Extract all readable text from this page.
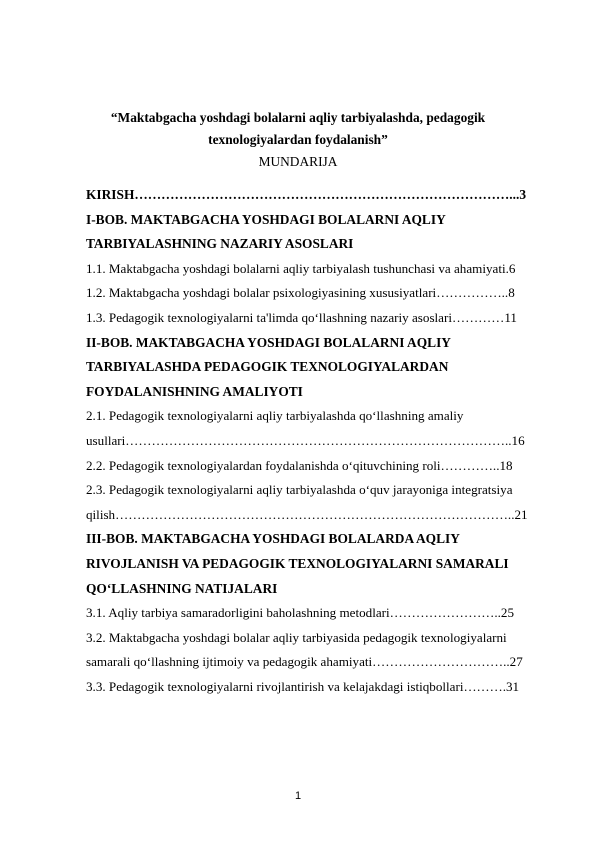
“Maktabgacha yoshdagi bolalarni aqliy tarbiyalashda, pedagogik
texnologiyalardan foydalanish”
MUNDARIJA
KIRISH…………………………………………………………………………...3
I-BOB. MAKTABGACHA YOSHDAGI BOLALARNI AQLIY
TARBIYALASHNING NAZARIY ASOSLARI
1.1. Maktabgacha yoshdagi bolalarni aqliy tarbiyalash tushunchasi va ahamiyati.6
1.2. Maktabgacha yoshdagi bolalar psixologiyasining xususiyatlari……………..8
1.3. Pedagogik texnologiyalarni ta'limda qo‘llashning nazariy asoslari…………11
II-BOB. MAKTABGACHA YOSHDAGI BOLALARNI AQLIY
TARBIYALASHDA PEDAGOGIK TEXNOLOGIYALARDAN
FOYDALANISHNING AMALIYOTI
2.1. Pedagogik texnologiyalarni aqliy tarbiyalashda qo‘llashning amaliy
usullari……………………………………………………………………………..16
2.2. Pedagogik texnologiyalardan foydalanishda o‘qituvchining roli…………..18
2.3. Pedagogik texnologiyalarni aqliy tarbiyalashda o‘quv jarayoniga integratsiya
qilish………………………………………………………………………………..21
III-BOB. MAKTABGACHA YOSHDAGI BOLALARDA AQLIY
RIVOJLANISH VA PEDAGOGIK TEXNOLOGIYALARNI SAMARALI
QO‘LLASHNING NATIJALARI
3.1. Aqliy tarbiya samaradorligini baholashning metodlari……………………..25
3.2. Maktabgacha yoshdagi bolalar aqliy tarbiyasida pedagogik texnologiyalarni
samarali qo‘llashning ijtimoiy va pedagogik ahamiyati…………………………..27
3.3. Pedagogik texnologiyalarni rivojlantirish va kelajakdagi istiqbollari……….31
1
